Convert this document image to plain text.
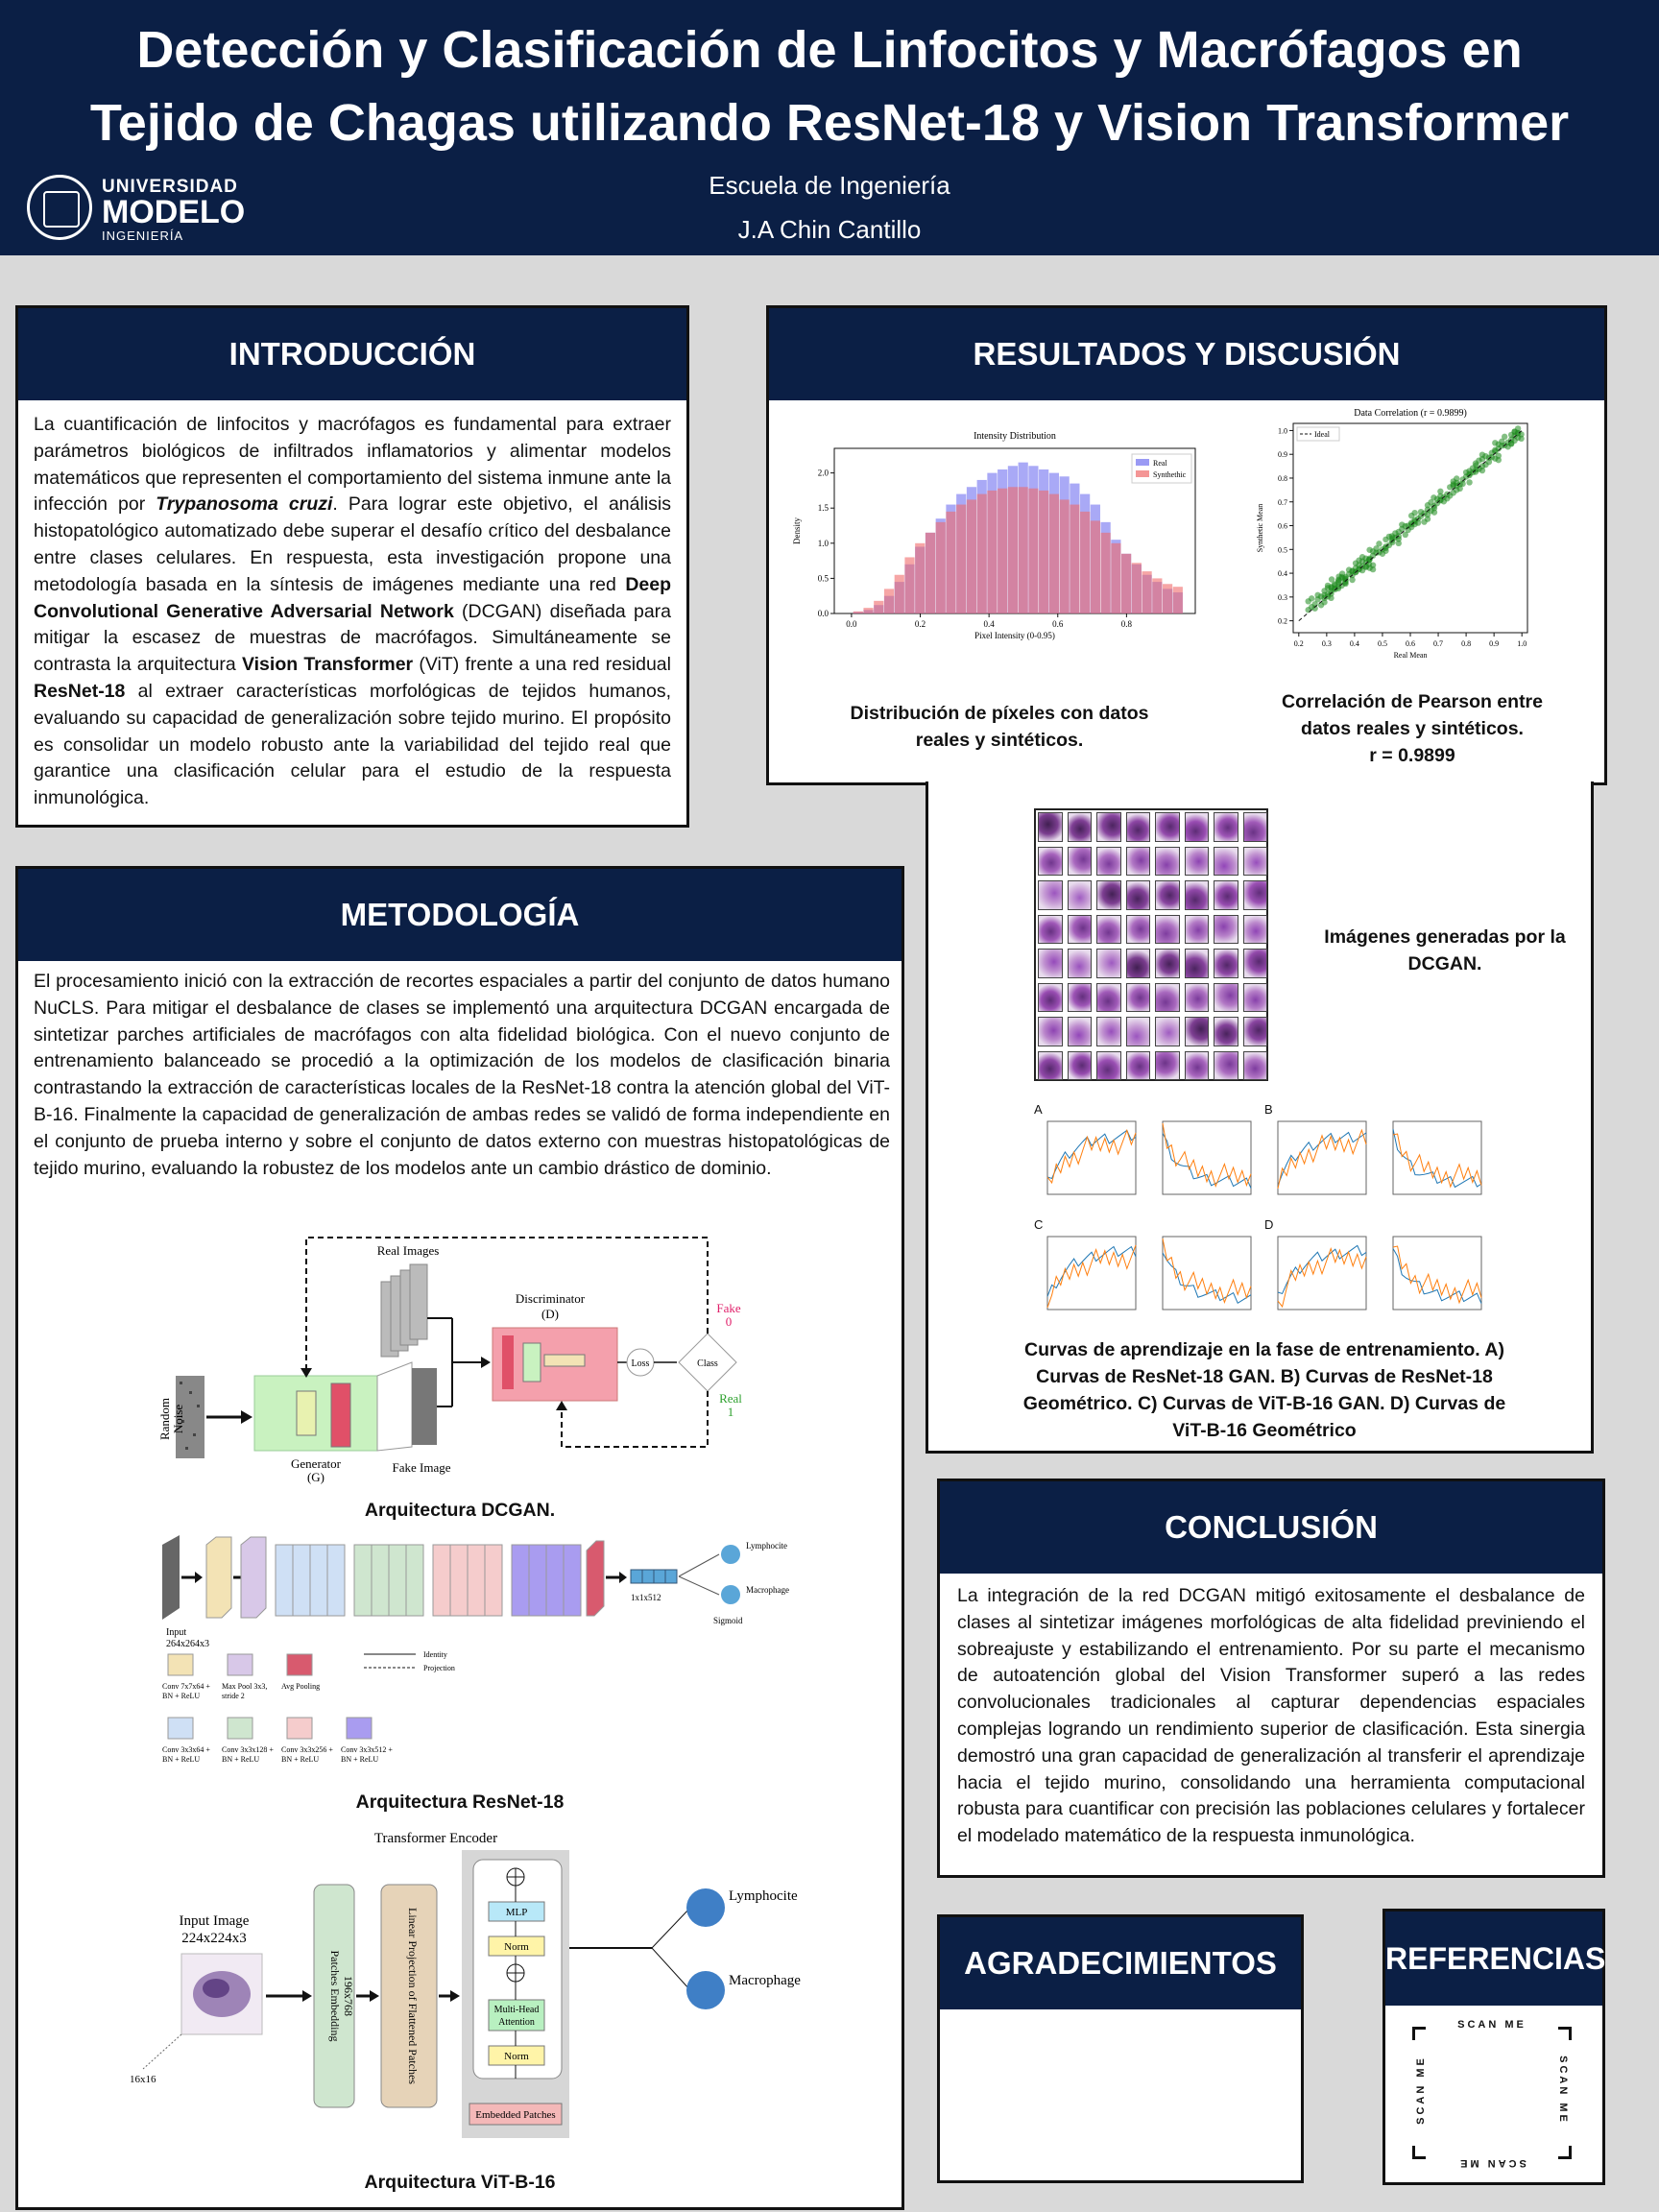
Detección y Clasificación de Linfocitos y Macrófagos en
Tejido de Chagas utilizando ResNet-18 y Vision Transformer
Escuela de Ingeniería
J.A Chin Cantillo
UNIVERSIDAD
MODELO
INGENIERÍA
INTRODUCCIÓN
La cuantificación de linfocitos y macrófagos es fundamental para extraer parámetros biológicos de infiltrados inflamatorios y alimentar modelos matemáticos que representen el comportamiento del sistema inmune ante la infección por Trypanosoma cruzi. Para lograr este objetivo, el análisis histopatológico automatizado debe superar el desafío crítico del desbalance entre clases celulares. En respuesta, esta investigación propone una metodología basada en la síntesis de imágenes mediante una red Deep Convolutional Generative Adversarial Network (DCGAN) diseñada para mitigar la escasez de muestras de macrófagos. Simultáneamente se contrasta la arquitectura Vision Transformer (ViT) frente a una red residual ResNet-18 al extraer características morfológicas de tejidos humanos, evaluando su capacidad de generalización sobre tejido murino. El propósito es consolidar un modelo robusto ante la variabilidad del tejido real que garantice una clasificación celular para el estudio de la respuesta inmunológica.
METODOLOGÍA
El procesamiento inició con la extracción de recortes espaciales a partir del conjunto de datos humano NuCLS. Para mitigar el desbalance de clases se implementó una arquitectura DCGAN encargada de sintetizar parches artificiales de macrófagos con alta fidelidad biológica. Con el nuevo conjunto de entrenamiento balanceado se procedió a la optimización de los modelos de clasificación binaria contrastando la extracción de características locales de la ResNet-18 contra la atención global del ViT-B-16. Finalmente la capacidad de generalización de ambas redes se validó de forma independiente en el conjunto de prueba interno y sobre el conjunto de datos externo con muestras histopatológicas de tejido murino, evaluando la robustez de los modelos ante un cambio drástico de dominio.
Random Noise
Generator
(G)
Fake Image
Real Images
Discriminator
(D)
Loss	Class
Fake
0
Real
1
Arquitectura DCGAN.
Input
264x264x3
1x1x512
Lymphocite
Macrophage
Sigmoid
Identity
Projection
Conv 7x7x64 +
BN + ReLU
Max Pool 3x3,
stride 2
Avg Pooling
Conv 3x3x64 +
BN + ReLU
Conv 3x3x128 +
BN + ReLU
Conv 3x3x256 +
BN + ReLU
Conv 3x3x512 +
BN + ReLU
Arquitectura ResNet-18
Transformer Encoder
Input Image
224x224x3
16x16
Patches Embedding 196x768	Linear Projection of Flattened Patches	MLP
Norm
Multi-Head
Attention
Norm
Embedded Patches
Lymphocite
Macrophage
Arquitectura ViT-B-16
RESULTADOS Y DISCUSIÓN
Intensity Distribution
0.0	0.2	0.4	0.6	0.8
0.0
0.5
1.0
1.5
2.0
Pixel Intensity (0-0.95)
Density
Real
Synthethic
Data Correlation (r = 0.9899)
0.2 0.3 0.4 0.5 0.6 0.7 0.8 0.9 1.0
0.2
0.3
0.4
0.5
0.6
0.7
0.8
0.9
1.0
Real Mean
Synthetic Mean
Ideal
Distribución de píxeles con datos
reales y sintéticos.
Correlación de Pearson entre
datos reales y sintéticos.
r = 0.9899
Imágenes generadas por la DCGAN.
A	B
C	D
Curvas de aprendizaje en la fase de entrenamiento. A) Curvas de ResNet-18 GAN. B) Curvas de ResNet-18 Geométrico. C) Curvas de ViT-B-16 GAN. D) Curvas de ViT-B-16 Geométrico
CONCLUSIÓN
La integración de la red DCGAN mitigó exitosamente el desbalance de clases al sintetizar imágenes morfológicas de alta fidelidad previniendo el sobreajuste y estabilizando el entrenamiento. Por su parte el mecanismo de autoatención global del Vision Transformer superó a las redes convolucionales tradicionales al capturar dependencias espaciales complejas logrando un rendimiento superior de clasificación. Esta sinergia demostró una gran capacidad de generalización al transferir el aprendizaje hacia el tejido murino, consolidando una herramienta computacional robusta para cuantificar con precisión las poblaciones celulares y fortalecer el modelado matemático de la respuesta inmunológica.
AGRADECIMIENTOS	REFERENCIAS
SCAN ME
SCAN ME
SCAN ME	SCAN ME
